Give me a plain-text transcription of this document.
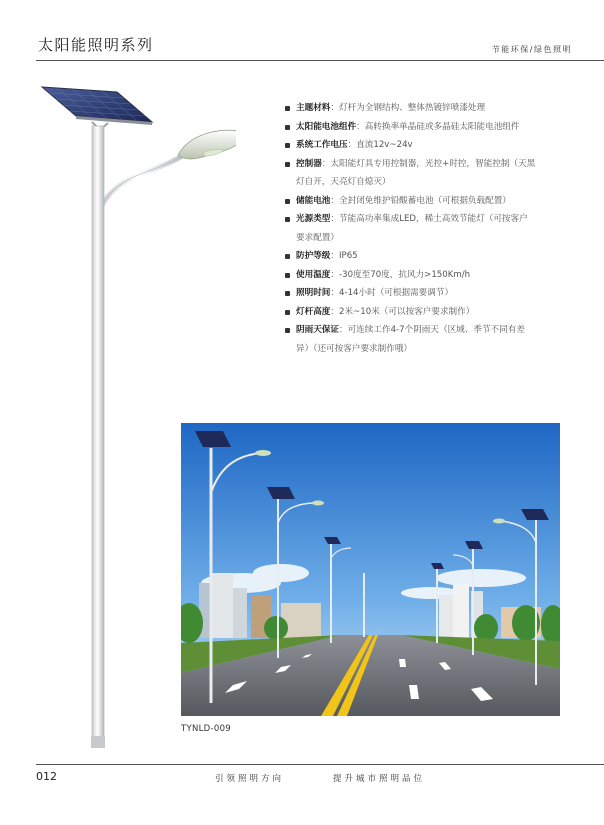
太阳能照明系列	节能环保/绿色照明
主题材料：灯杆为全钢结构、整体热镀锌喷漆处理
太阳能电池组件：高转换率单晶硅或多晶硅太阳能电池组件
系统工作电压：直流12v~24v
控制器：太阳能灯具专用控制器，光控+时控，智能控制（天黑
灯自开，天亮灯自熄灭）
储能电池：全封闭免维护铅酸蓄电池（可根据负载配置）
光源类型：节能高功率集成LED，稀土高效节能灯（可按客户
要求配置）
防护等级：IP65
使用温度：-30度至70度，抗风力>150Km/h
照明时间：4-14小时（可根据需要调节）
灯杆高度：2米~10米（可以按客户要求制作）
阴雨天保证：可连续工作4-7个阴雨天（区域、季节不同有差
异）（还可按客户要求制作哦）
TYNLD-009
012	引领照明方向	提升城市照明品位
